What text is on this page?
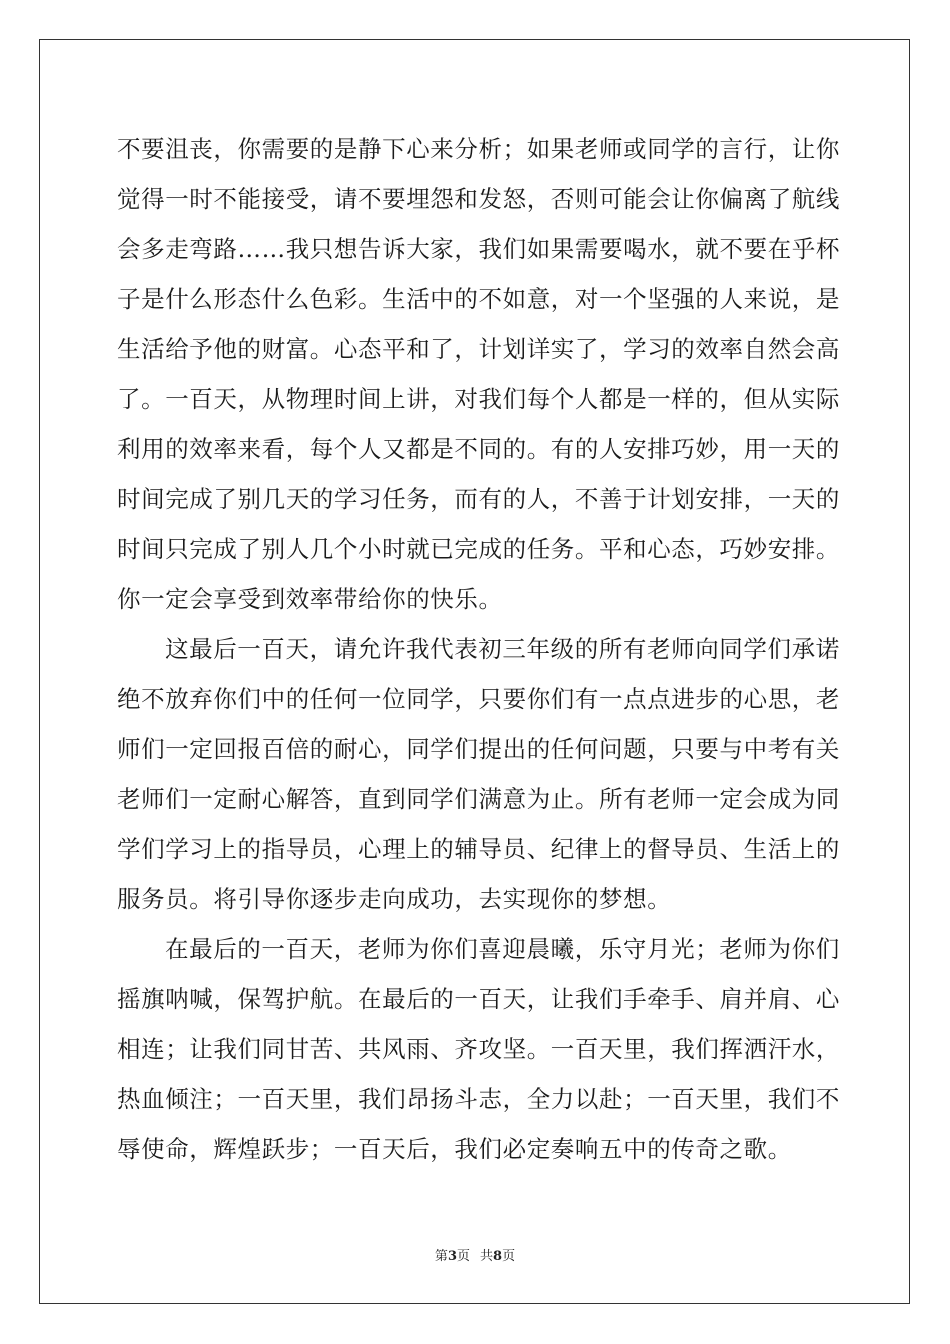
不要沮丧，你需要的是静下心来分析；如果老师或同学的言行，让你
觉得一时不能接受，请不要埋怨和发怒，否则可能会让你偏离了航线
会多走弯路……我只想告诉大家，我们如果需要喝水，就不要在乎杯
子是什么形态什么色彩。生活中的不如意，对一个坚强的人来说，是
生活给予他的财富。心态平和了，计划详实了，学习的效率自然会高
了。一百天，从物理时间上讲，对我们每个人都是一样的，但从实际
利用的效率来看，每个人又都是不同的。有的人安排巧妙，用一天的
时间完成了别几天的学习任务，而有的人，不善于计划安排，一天的
时间只完成了别人几个小时就已完成的任务。平和心态，巧妙安排。
你一定会享受到效率带给你的快乐。
这最后一百天，请允许我代表初三年级的所有老师向同学们承诺
绝不放弃你们中的任何一位同学，只要你们有一点点进步的心思，老
师们一定回报百倍的耐心，同学们提出的任何问题，只要与中考有关
老师们一定耐心解答，直到同学们满意为止。所有老师一定会成为同
学们学习上的指导员，心理上的辅导员、纪律上的督导员、生活上的
服务员。将引导你逐步走向成功，去实现你的梦想。
在最后的一百天，老师为你们喜迎晨曦，乐守月光；老师为你们
摇旗呐喊，保驾护航。在最后的一百天，让我们手牵手、肩并肩、心
相连；让我们同甘苦、共风雨、齐攻坚。一百天里，我们挥洒汗水，
热血倾注；一百天里，我们昂扬斗志，全力以赴；一百天里，我们不
辱使命，辉煌跃步；一百天后，我们必定奏响五中的传奇之歌。
第3页 共8页
